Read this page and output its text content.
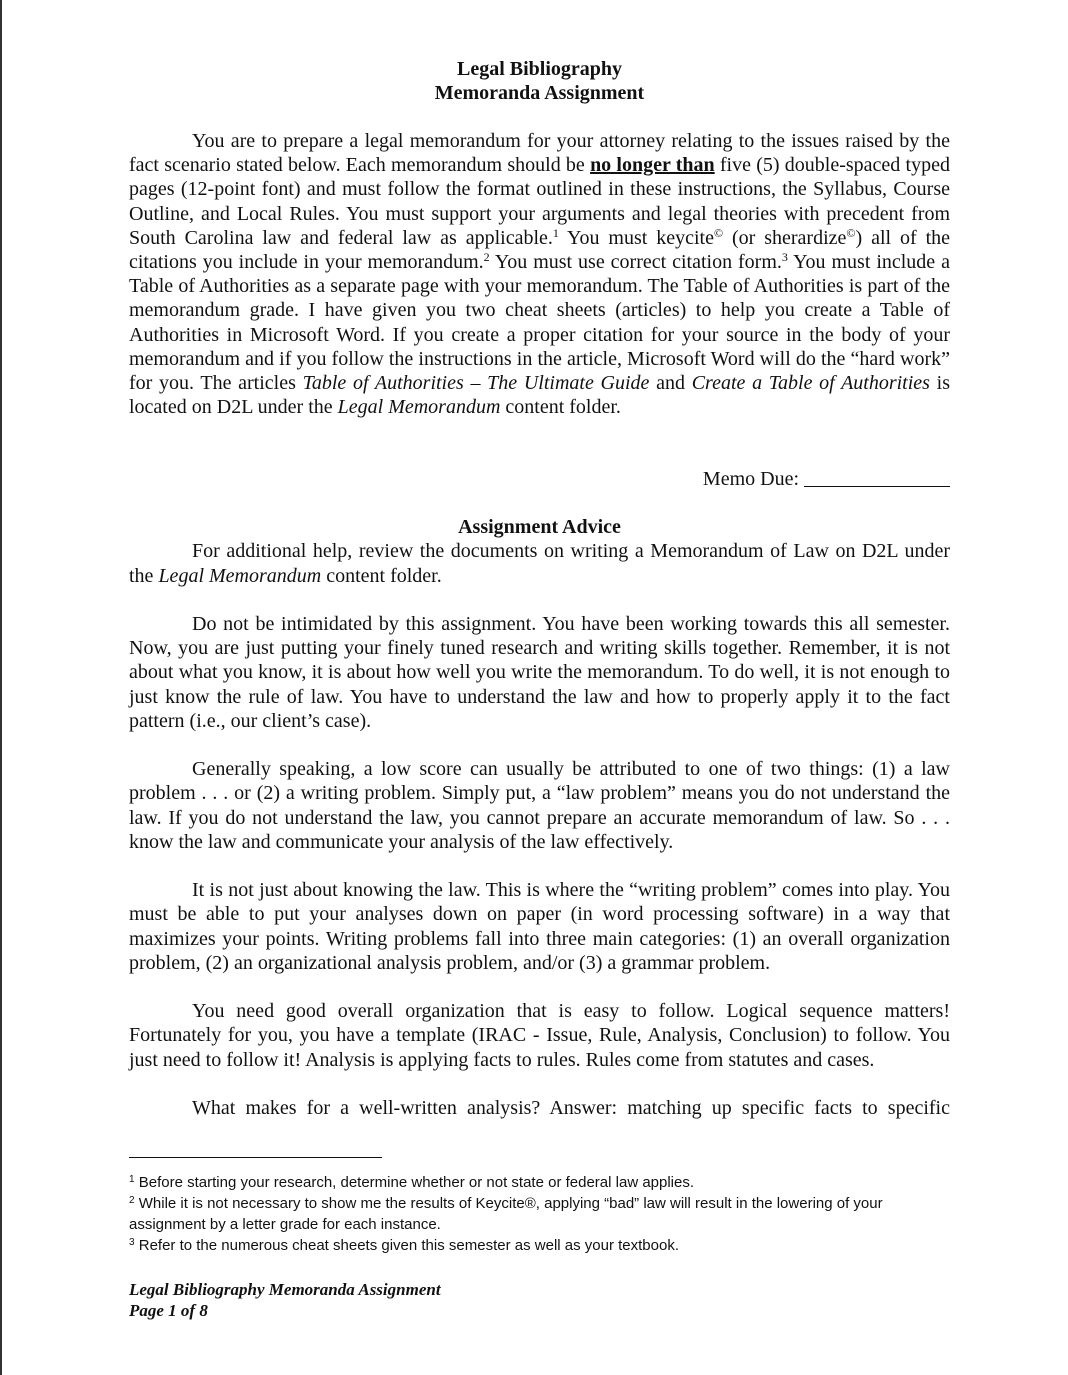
Legal Bibliography
Memoranda Assignment

You are to prepare a legal memorandum for your attorney relating to the issues raised by the fact scenario stated below. Each memorandum should be no longer than five (5) double-spaced typed pages (12-point font) and must follow the format outlined in these instructions, the Syllabus, Course Outline, and Local Rules. You must support your arguments and legal theories with precedent from South Carolina law and federal law as applicable.$^1$ You must keycite© (or sherardize©) all of the citations you include in your memorandum.$^2$ You must use correct citation form.$^3$ You must include a Table of Authorities as a separate page with your memorandum. The Table of Authorities is part of the memorandum grade. I have given you two cheat sheets (articles) to help you create a Table of Authorities in Microsoft Word. If you create a proper citation for your source in the body of your memorandum and if you follow the instructions in the article, Microsoft Word will do the “hard work” for you. The articles Table of Authorities – The Ultimate Guide and Create a Table of Authorities is located on D2L under the Legal Memorandum content folder.

Memo Due:
Assignment Advice

For additional help, review the documents on writing a Memorandum of Law on D2L under the Legal Memorandum content folder.

Do not be intimidated by this assignment. You have been working towards this all semester. Now, you are just putting your finely tuned research and writing skills together. Remember, it is not about what you know, it is about how well you write the memorandum. To do well, it is not enough to just know the rule of law. You have to understand the law and how to properly apply it to the fact pattern (i.e., our client’s case).

Generally speaking, a low score can usually be attributed to one of two things: (1) a law problem . . . or (2) a writing problem. Simply put, a “law problem” means you do not understand the law. If you do not understand the law, you cannot prepare an accurate memorandum of law. So . . . know the law and communicate your analysis of the law effectively.

It is not just about knowing the law. This is where the “writing problem” comes into play. You must be able to put your analyses down on paper (in word processing software) in a way that maximizes your points. Writing problems fall into three main categories: (1) an overall organization problem, (2) an organizational analysis problem, and/or (3) a grammar problem.

You need good overall organization that is easy to follow. Logical sequence matters! Fortunately for you, you have a template (IRAC - Issue, Rule, Analysis, Conclusion) to follow. You just need to follow it! Analysis is applying facts to rules. Rules come from statutes and cases.

What makes for a well-written analysis? Answer: matching up specific facts to specific

$^1$ Before starting your research, determine whether or not state or federal law applies.

$^2$ While it is not necessary to show me the results of Keycite®, applying “bad” law will result in the lowering of your assignment by a letter grade for each instance.

$^3$ Refer to the numerous cheat sheets given this semester as well as your textbook.

Legal Bibliography Memoranda Assignment
Page 1 of 8
